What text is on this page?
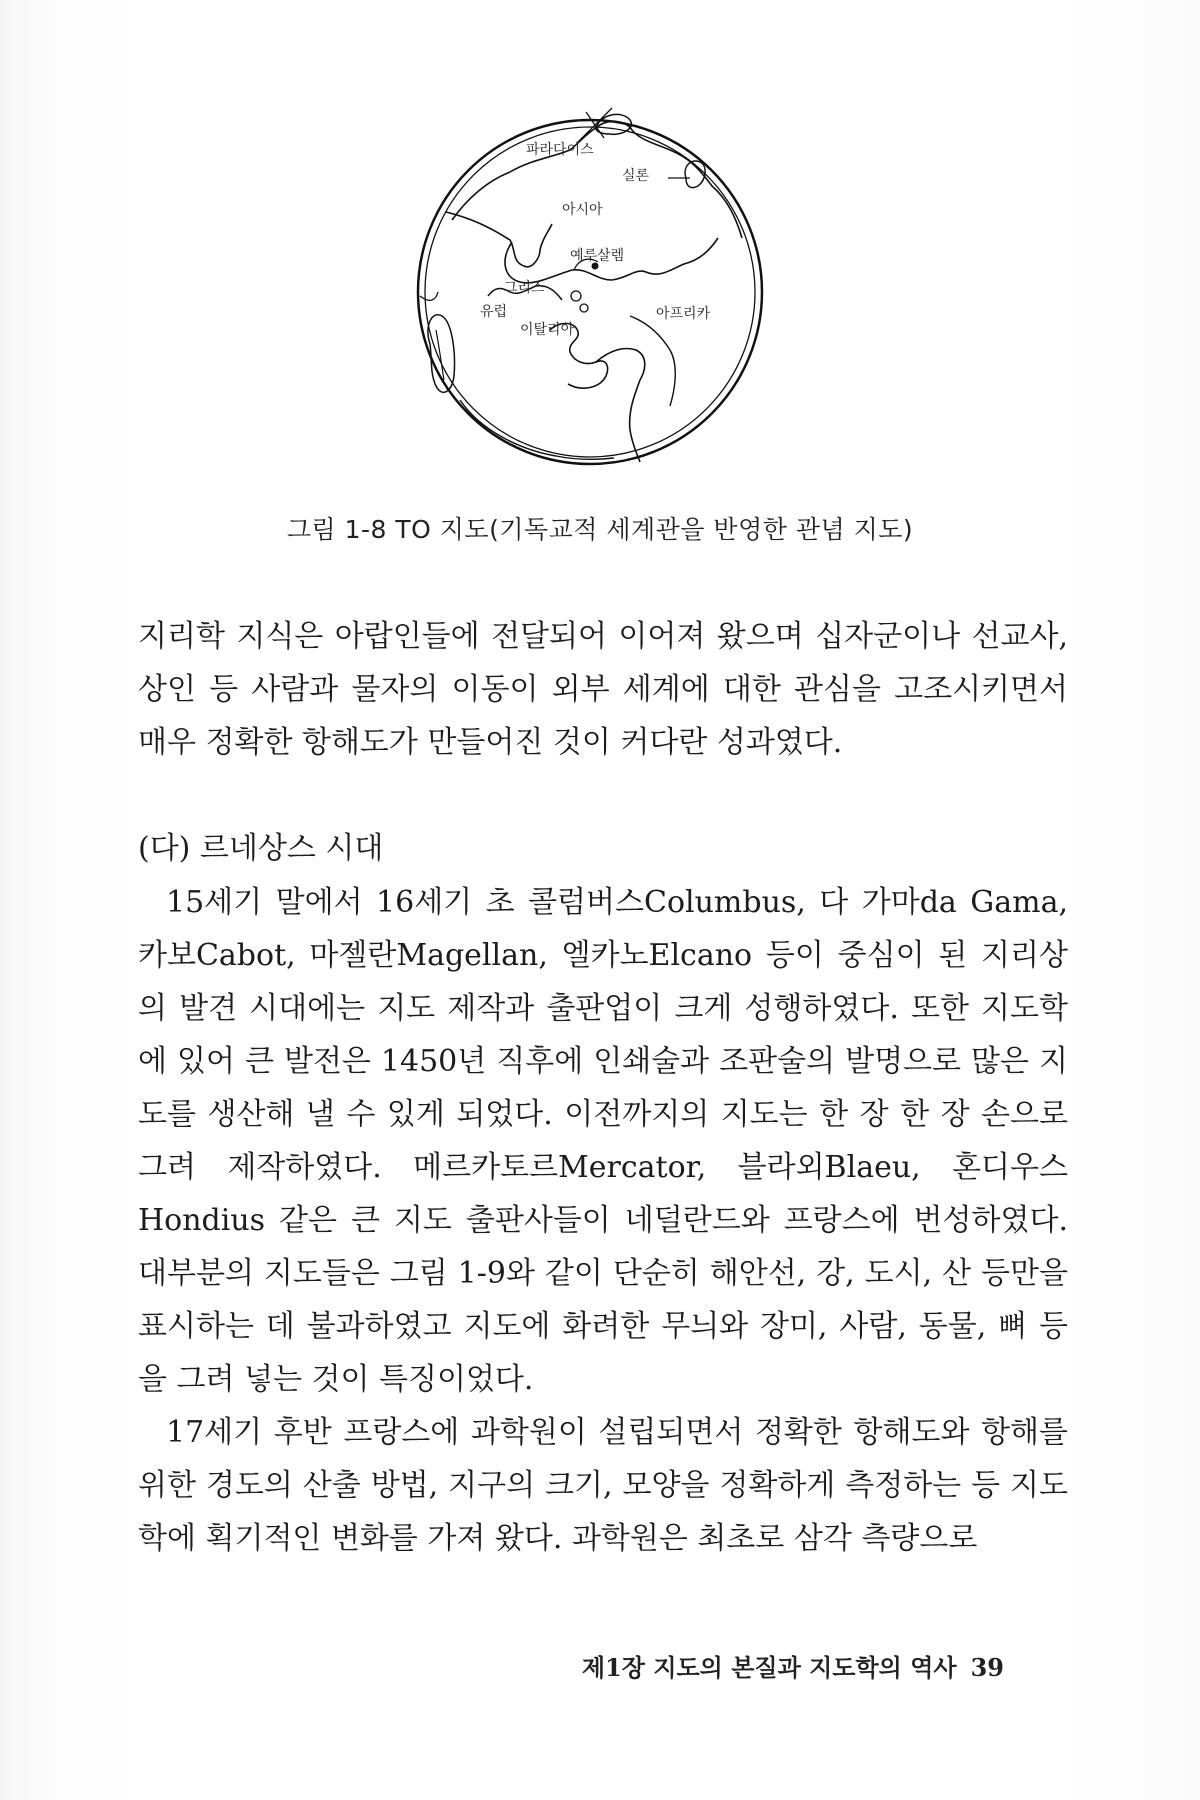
파라다이스
실론
아시아
예루살렘
그리스
유럽
이탈리아
아프리카
그림 1-8 TO 지도(기독교적 세계관을 반영한 관념 지도)

지리학 지식은 아랍인들에 전달되어 이어져 왔으며 십자군이나 선교사, 상인 등 사람과 물자의 이동이 외부 세계에 대한 관심을 고조시키면서 매우 정확한 항해도가 만들어진 것이 커다란 성과였다.

(다) 르네상스 시대

15세기 말에서 16세기 초 콜럼버스Columbus, 다 가마da Gama, 카보Cabot, 마젤란Magellan, 엘카노Elcano 등이 중심이 된 지리상의 발견 시대에는 지도 제작과 출판업이 크게 성행하였다. 또한 지도학에 있어 큰 발전은 1450년 직후에 인쇄술과 조판술의 발명으로 많은 지도를 생산해 낼 수 있게 되었다. 이전까지의 지도는 한 장 한 장 손으로 그려 제작하였다. 메르카토르Mercator, 블라외Blaeu, 혼디우스Hondius 같은 큰 지도 출판사들이 네덜란드와 프랑스에 번성하였다. 대부분의 지도들은 그림 1-9와 같이 단순히 해안선, 강, 도시, 산 등만을 표시하는 데 불과하였고 지도에 화려한 무늬와 장미, 사람, 동물, 뼈 등을 그려 넣는 것이 특징이었다.

17세기 후반 프랑스에 과학원이 설립되면서 정확한 항해도와 항해를 위한 경도의 산출 방법, 지구의 크기, 모양을 정확하게 측정하는 등 지도학에 획기적인 변화를 가져 왔다. 과학원은 최초로 삼각 측량으로

제1장 지도의 본질과 지도학의 역사 39
